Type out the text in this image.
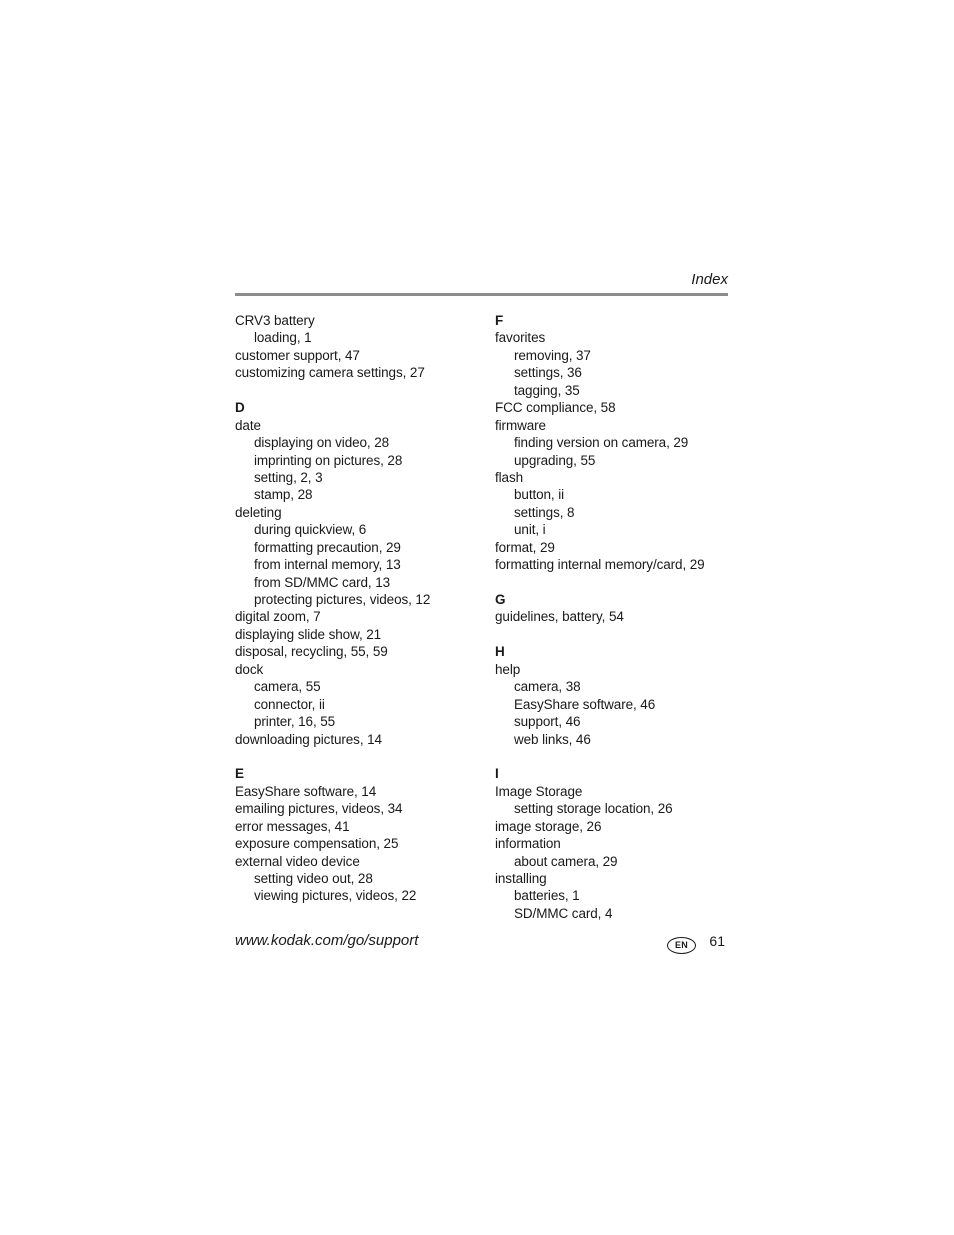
Index
CRV3 battery
loading, 1
customer support, 47
customizing camera settings, 27
D
date
displaying on video, 28
imprinting on pictures, 28
setting, 2, 3
stamp, 28
deleting
during quickview, 6
formatting precaution, 29
from internal memory, 13
from SD/MMC card, 13
protecting pictures, videos, 12
digital zoom, 7
displaying slide show, 21
disposal, recycling, 55, 59
dock
camera, 55
connector, ii
printer, 16, 55
downloading pictures, 14
E
EasyShare software, 14
emailing pictures, videos, 34
error messages, 41
exposure compensation, 25
external video device
setting video out, 28
viewing pictures, videos, 22
F
favorites
removing, 37
settings, 36
tagging, 35
FCC compliance, 58
firmware
finding version on camera, 29
upgrading, 55
flash
button, ii
settings, 8
unit, i
format, 29
formatting internal memory/card, 29
G
guidelines, battery, 54
H
help
camera, 38
EasyShare software, 46
support, 46
web links, 46
I
Image Storage
setting storage location, 26
image storage, 26
information
about camera, 29
installing
batteries, 1
SD/MMC card, 4
www.kodak.com/go/support	EN	61
